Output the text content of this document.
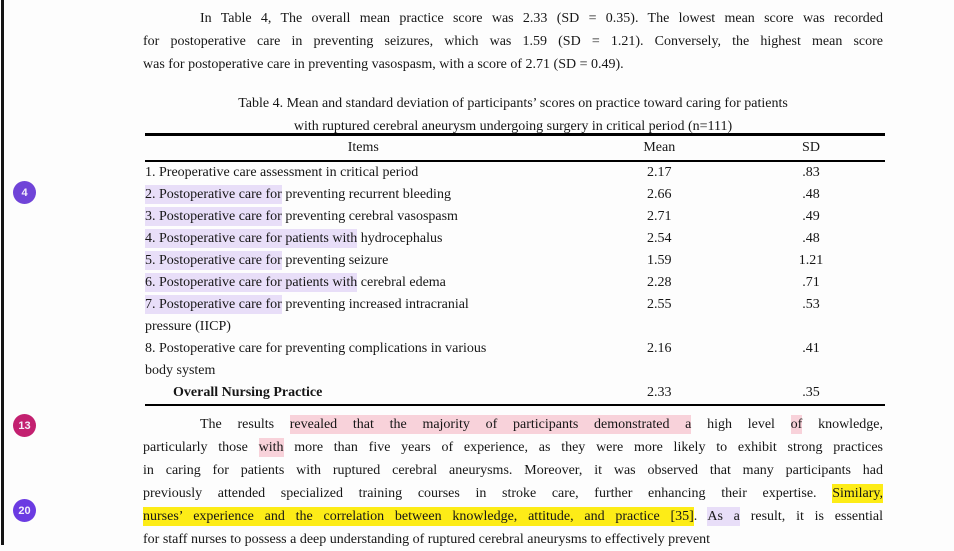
4
13
20
In Table 4, The overall mean practice score was 2.33 (SD = 0.35). The lowest mean score was recorded
for postoperative care in preventing seizures, which was 1.59 (SD = 1.21). Conversely, the highest mean score
was for postoperative care in preventing vasospasm, with a score of 2.71 (SD = 0.49).
Table 4. Mean and standard deviation of participants’ scores on practice toward caring for patients
with ruptured cerebral aneurysm undergoing surgery in critical period (n=111)
Items	Mean	SD
1. Preoperative care assessment in critical period	2.17	.83
2. Postoperative care for preventing recurrent bleeding	2.66	.48
3. Postoperative care for preventing cerebral vasospasm	2.71	.49
4. Postoperative care for patients with hydrocephalus	2.54	.48
5. Postoperative care for preventing seizure	1.59	1.21
6. Postoperative care for patients with cerebral edema	2.28	.71
7. Postoperative care for preventing increased intracranial
pressure (IICP)	2.55	.53
8. Postoperative care for preventing complications in various
body system	2.16	.41
Overall Nursing Practice	2.33	.35
The results revealed that the majority of participants demonstrated a high level of knowledge,
particularly those with more than five years of experience, as they were more likely to exhibit strong practices
in caring for patients with ruptured cerebral aneurysms. Moreover, it was observed that many participants had
previously attended specialized training courses in stroke care, further enhancing their expertise. Similary,
nurses’ experience and the correlation between knowledge, attitude, and practice [35]. As a result, it is essential
for staff nurses to possess a deep understanding of ruptured cerebral aneurysms to effectively prevent
